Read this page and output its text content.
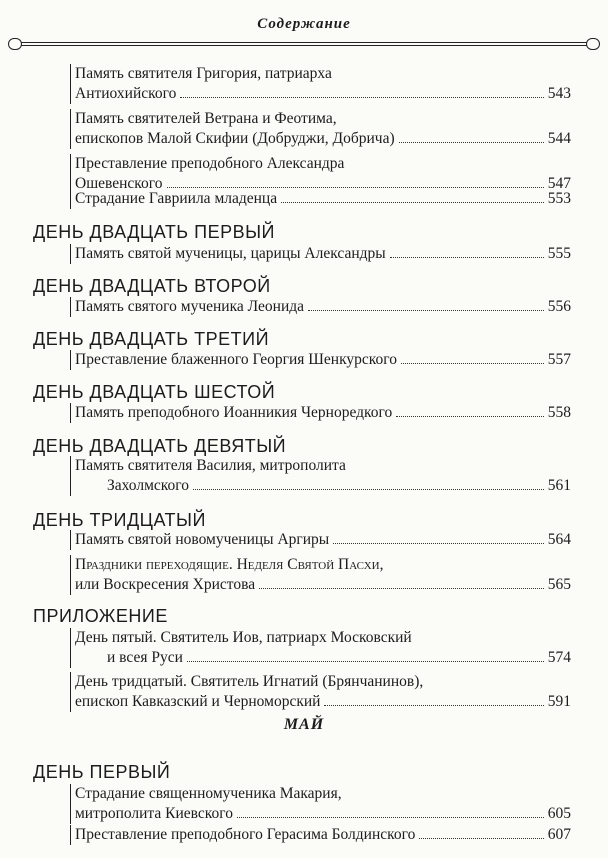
Содержание
Память святителя Григория, патриарха
Антиохийского	543
Память святителей Ветрана и Феотима,
епископов Малой Скифии (Добруджи, Добрича)	544
Преставление преподобного Александра
Ошевенского	547
Страдание Гавриила младенца	553
ДЕНЬ ДВАДЦАТЬ ПЕРВЫЙ
Память святой мученицы, царицы Александры	555
ДЕНЬ ДВАДЦАТЬ ВТОРОЙ
Память святого мученика Леонида	556
ДЕНЬ ДВАДЦАТЬ ТРЕТИЙ
Преставление блаженного Георгия Шенкурского	557
ДЕНЬ ДВАДЦАТЬ ШЕСТОЙ
Память преподобного Иоанникия Черноредкого	558
ДЕНЬ ДВАДЦАТЬ ДЕВЯТЫЙ
Память святителя Василия, митрополита
Захолмского	561
ДЕНЬ ТРИДЦАТЫЙ
Память святой новомученицы Аргиры	564
Праздники переходящие. Неделя Святой Пасхи,
или Воскресения Христова	565
ПРИЛОЖЕНИЕ
День пятый. Святитель Иов, патриарх Московский
и всея Руси	574
День тридцатый. Святитель Игнатий (Брянчанинов),
епископ Кавказский и Черноморский	591
МАЙ
ДЕНЬ ПЕРВЫЙ
Страдание священномученика Макария,
митрополита Киевского	605
Преставление преподобного Герасима Болдинского	607
